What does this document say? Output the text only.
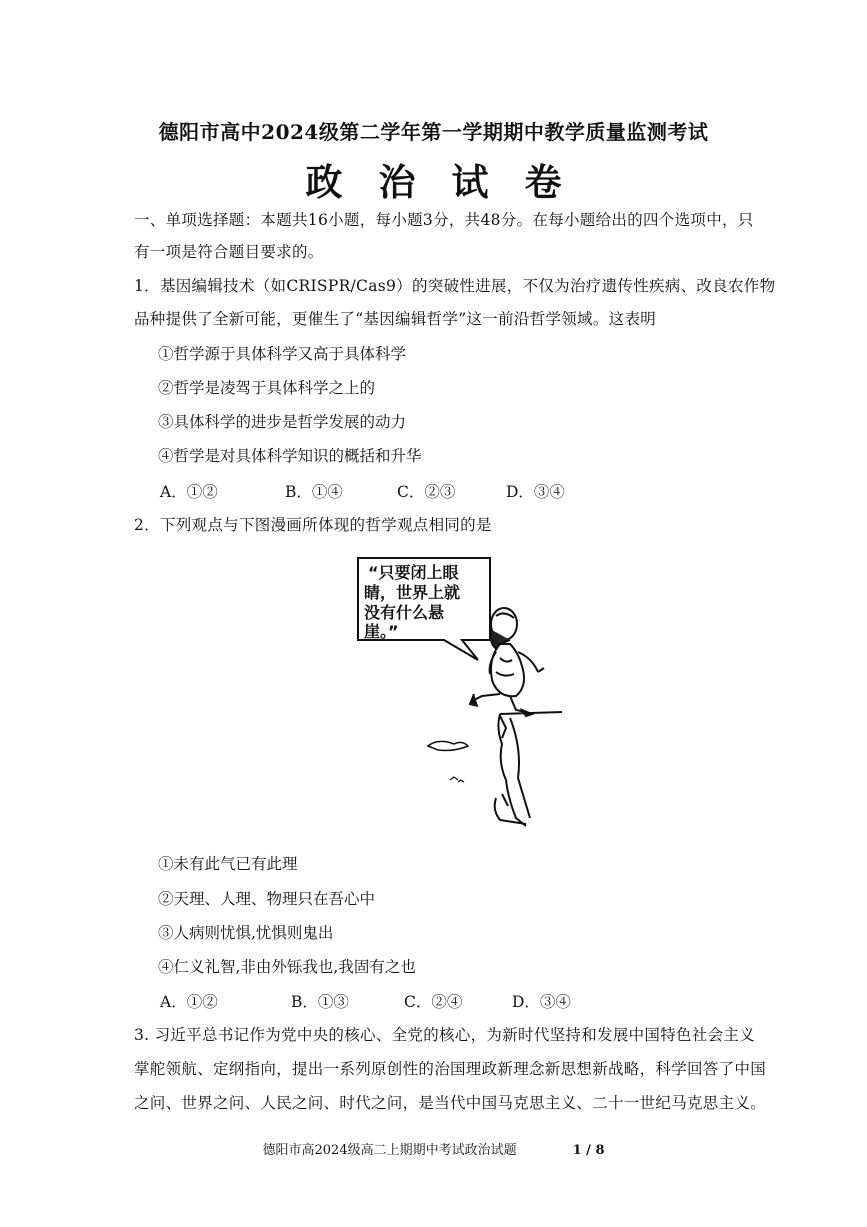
德阳市高中2024级第二学年第一学期期中教学质量监测考试
政治试卷
一、单项选择题：本题共16小题，每小题3分，共48分。在每小题给出的四个选项中，只
有一项是符合题目要求的。
1．基因编辑技术（如CRISPR/Cas9）的突破性进展，不仅为治疗遗传性疾病、改良农作物
品种提供了全新可能，更催生了“基因编辑哲学”这一前沿哲学领域。这表明
①哲学源于具体科学又高于具体科学
②哲学是凌驾于具体科学之上的
③具体科学的进步是哲学发展的动力
④哲学是对具体科学知识的概括和升华
A．①②	B．①④	C．②③	D．③④
2．下列观点与下图漫画所体现的哲学观点相同的是
“只要闭上眼
睛，世界上就
没有什么悬
崖。”
①未有此气已有此理
②天理、人理、物理只在吾心中
③人病则忧惧,忧惧则鬼出
④仁义礼智,非由外铄我也,我固有之也
A．①②	B．①③	C．②④	D．③④
3. 习近平总书记作为党中央的核心、全党的核心，为新时代坚持和发展中国特色社会主义
掌舵领航、定纲指向，提出一系列原创性的治国理政新理念新思想新战略，科学回答了中国
之问、世界之问、人民之问、时代之问，是当代中国马克思主义、二十一世纪马克思主义。
德阳市高2024级高二上期期中考试政治试题	1 / 8
